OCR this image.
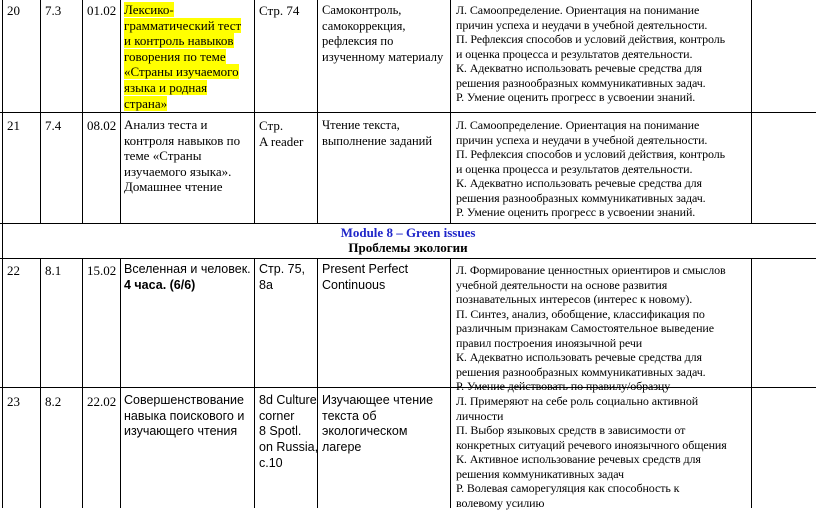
20 7.3 01.02 Лексико-
грамматический тест
и контроль навыков
говорения по теме
«Страны изучаемого
языка и родная
страна»
Стр. 74 Самоконтроль,
самокоррекция,
рефлексия по
изученному материалу
Л. Самоопределение. Ориентация на понимание
причин успеха и неудачи в учебной деятельности.
П. Рефлексия способов и условий действия, контроль
и оценка процесса и результатов деятельности.
К. Адекватно использовать речевые средства для
решения разнообразных коммуникативных задач.
Р. Умение оценить прогресс в усвоении знаний.
21 7.4 08.02 Анализ теста и
контроля навыков по
теме «Страны
изучаемого языка».
Домашнее чтение
Стр.
A reader
Чтение текста,
выполнение заданий
Л. Самоопределение. Ориентация на понимание
причин успеха и неудачи в учебной деятельности.
П. Рефлексия способов и условий действия, контроль
и оценка процесса и результатов деятельности.
К. Адекватно использовать речевые средства для
решения разнообразных коммуникативных задач.
Р. Умение оценить прогресс в усвоении знаний.
Module 8 – Green issues
Проблемы экологии
22 8.1 15.02 Вселенная и человек.
4 часа. (6/6)
Стр. 75,
8a
Present Perfect
Continuous
Л. Формирование ценностных ориентиров и смыслов
учебной деятельности на основе развития
познавательных интересов (интерес к новому).
П. Синтез, анализ, обобщение, классификация по
различным признакам Самостоятельное выведение
правил построения иноязычной речи
К. Адекватно использовать речевые средства для
решения разнообразных коммуникативных задач.
Р. Умение действовать по правилу/образцу
23 8.2 22.02 Совершенствование
навыка поискового и
изучающего чтения
8d Culture
corner
8 Spotl.
on Russia,
c.10
Изучающее чтение
текста об
экологическом лагере
Л. Примеряют на себе роль социально активной
личности
П. Выбор языковых средств в зависимости от
конкретных ситуаций речевого иноязычного общения
К. Активное использование речевых средств для
решения коммуникативных задач
Р. Волевая саморегуляция как способность к
волевому усилию
